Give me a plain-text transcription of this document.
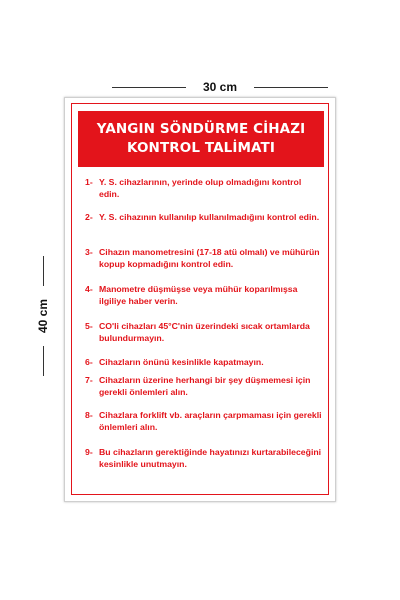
30 cm
40 cm
YANGIN SÖNDÜRME CİHAZI
KONTROL TALİMATI
1- Y. S. cihazlarının, yerinde olup olmadığını kontrol edin.
2- Y. S. cihazının kullanılıp kullanılmadığını kontrol edin.
3- Cihazın manometresini (17-18 atü olmalı) ve mühürün kopup kopmadığını kontrol edin.
4- Manometre düşmüşse veya mühür koparılmışsa ilgiliye haber verin.
5- CO'li cihazları 45°C'nin üzerindeki sıcak ortamlarda bulundurmayın.
6- Cihazların önünü kesinlikle kapatmayın.
7- Cihazların üzerine herhangi bir şey düşmemesi için gerekli önlemleri alın.
8- Cihazlara forklift vb. araçların çarpmaması için gerekli önlemleri alın.
9- Bu cihazların gerektiğinde hayatınızı kurtarabileceğini kesinlikle unutmayın.
